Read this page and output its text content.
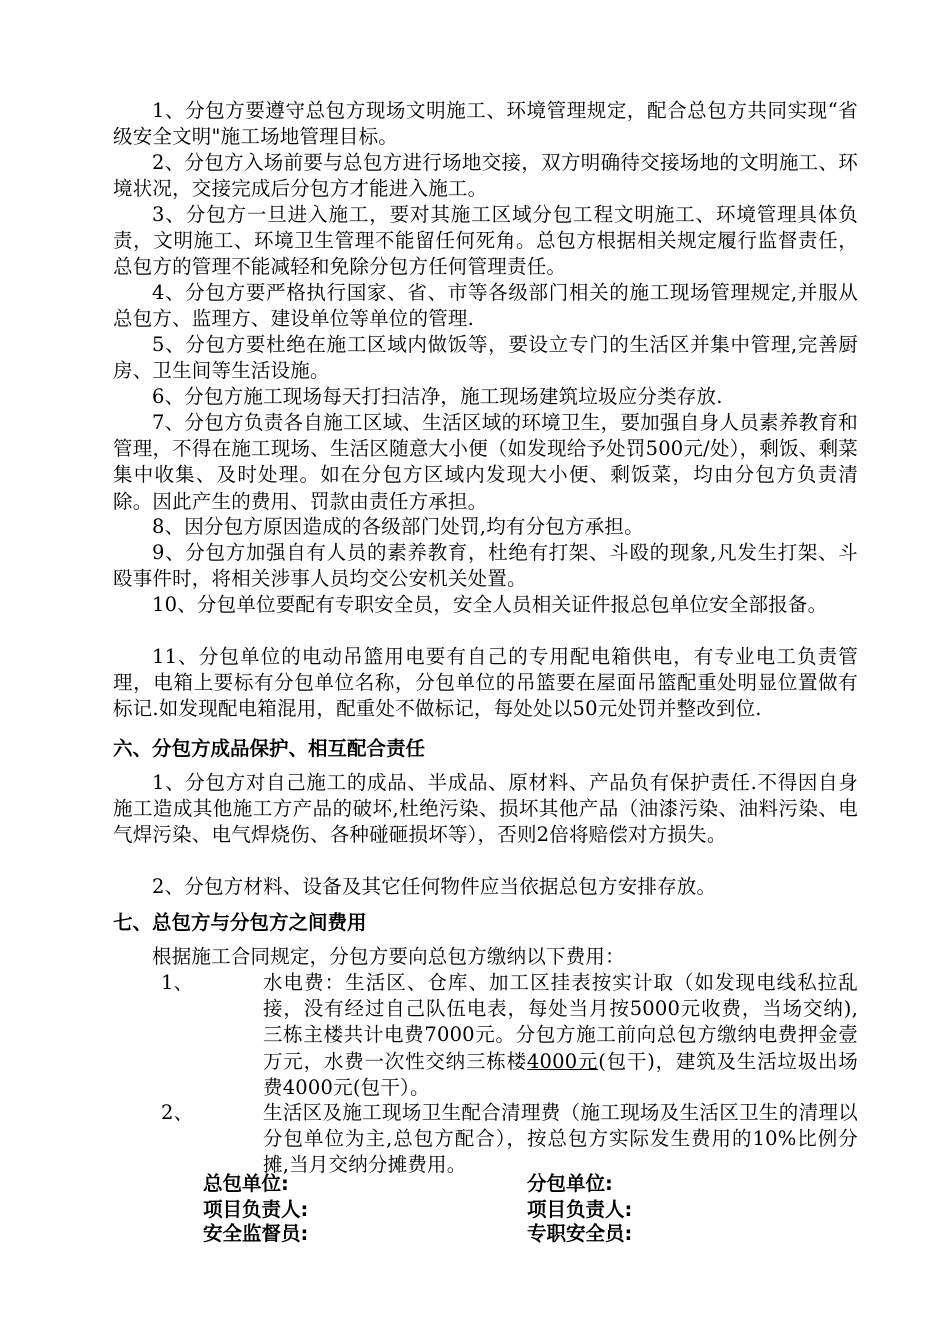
1、分包方要遵守总包方现场文明施工、环境管理规定，配合总包方共同实现“省级安全文明"施工场地管理目标。

2、分包方入场前要与总包方进行场地交接，双方明确待交接场地的文明施工、环境状况，交接完成后分包方才能进入施工。

3、分包方一旦进入施工，要对其施工区域分包工程文明施工、环境管理具体负责，文明施工、环境卫生管理不能留任何死角。总包方根据相关规定履行监督责任，总包方的管理不能减轻和免除分包方任何管理责任。

4、分包方要严格执行国家、省、市等各级部门相关的施工现场管理规定,并服从总包方、监理方、建设单位等单位的管理.

5、分包方要杜绝在施工区域内做饭等，要设立专门的生活区并集中管理,完善厨房、卫生间等生活设施。

6、分包方施工现场每天打扫洁净，施工现场建筑垃圾应分类存放.

7、分包方负责各自施工区域、生活区域的环境卫生，要加强自身人员素养教育和管理，不得在施工现场、生活区随意大小便（如发现给予处罚500元/处），剩饭、剩菜集中收集、及时处理。如在分包方区域内发现大小便、剩饭菜，均由分包方负责清除。因此产生的费用、罚款由责任方承担。

8、因分包方原因造成的各级部门处罚,均有分包方承担。

9、分包方加强自有人员的素养教育，杜绝有打架、斗殴的现象,凡发生打架、斗殴事件时，将相关涉事人员均交公安机关处置。

10、分包单位要配有专职安全员，安全人员相关证件报总包单位安全部报备。

11、分包单位的电动吊篮用电要有自己的专用配电箱供电，有专业电工负责管理，电箱上要标有分包单位名称，分包单位的吊篮要在屋面吊篮配重处明显位置做有标记.如发现配电箱混用，配重处不做标记，每处处以50元处罚并整改到位.

六、分包方成品保护、相互配合责任

1、分包方对自己施工的成品、半成品、原材料、产品负有保护责任.不得因自身施工造成其他施工方产品的破坏,杜绝污染、损坏其他产品（油漆污染、油料污染、电气焊污染、电气焊烧伤、各种碰砸损坏等），否则2倍将赔偿对方损失。

2、分包方材料、设备及其它任何物件应当依据总包方安排存放。

七、总包方与分包方之间费用

根据施工合同规定，分包方要向总包方缴纳以下费用：

1、	水电费：生活区、仓库、加工区挂表按实计取（如发现电线私拉乱接，没有经过自己队伍电表，每处当月按5000元收费，当场交纳),三栋主楼共计电费7000元。分包方施工前向总包方缴纳电费押金壹万元，水费一次性交纳三栋楼4000元(包干)，建筑及生活垃圾出场费4000元(包干）。
2、	生活区及施工现场卫生配合清理费（施工现场及生活区卫生的清理以分包单位为主,总包方配合），按总包方实际发生费用的10%比例分摊,当月交纳分摊费用。
总包单位:
项目负责人:
安全监督员:
分包单位:
项目负责人:
专职安全员:
